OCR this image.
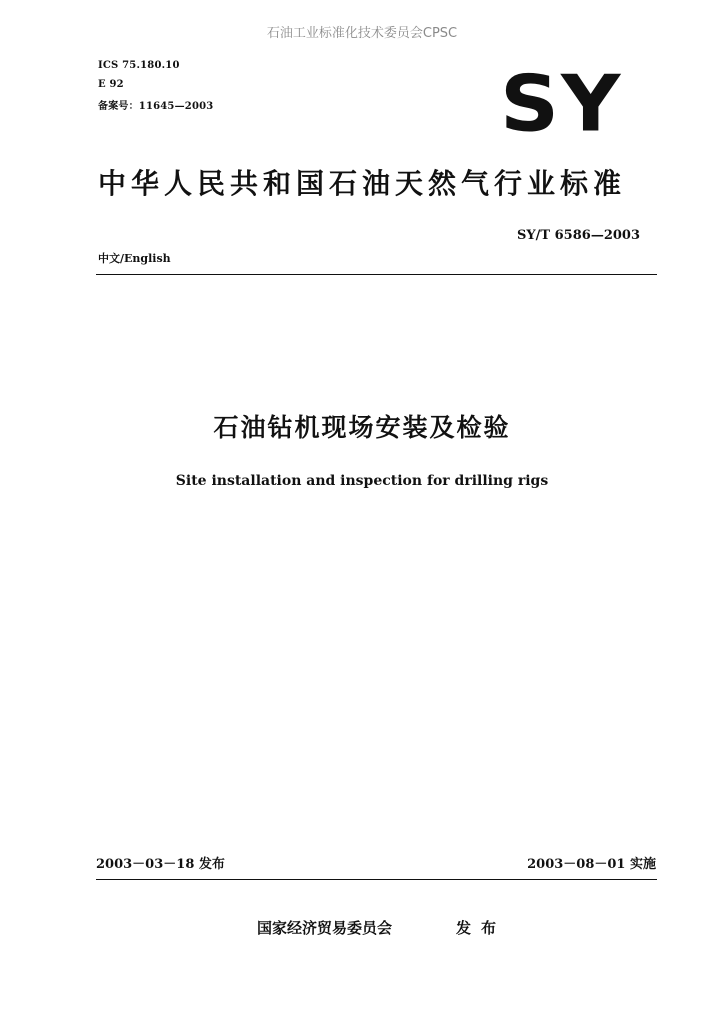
石油工业标准化技术委员会CPSC
ICS 75.180.10
E 92
备案号：11645—2003	SY
中华人民共和国石油天然气行业标准
SY/T 6586—2003
中文/English
石油钻机现场安装及检验
Site installation and inspection for drilling rigs
2003－03－18 发布	2003－08－01 实施
国家经济贸易委员会	发布
